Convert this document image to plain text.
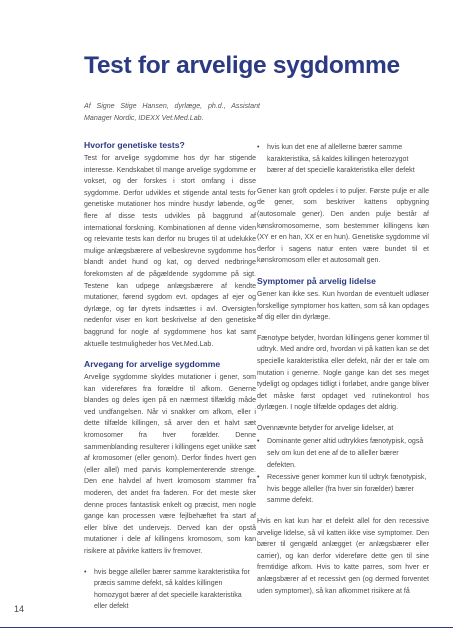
Test for arvelige sygdomme

Af Signe Stige Hansen, dyrlæge, ph.d., Assistant Manager Nordic, IDEXX Vet.Med.Lab.

Hvorfor genetiske tests?

Test for arvelige sygdomme hos dyr har stigende interesse. Kendskabet til mange arvelige sygdomme er vokset, og der forskes i stort omfang i disse sygdomme. Derfor udvikles et stigende antal tests for genetiske mutationer hos mindre husdyr løbende, og flere af disse tests udvikles på baggrund af international forskning. Kombinationen af denne viden og relevante tests kan derfor nu bruges til at udelukke mulige anlægsbærere af velbeskrevne sygdomme hos blandt andet hund og kat, og derved nedbringe forekomsten af de pågældende sygdomme på sigt. Testene kan udpege anlægsbærere af kendte mutationer, førend sygdom evt. opdages af ejer og dyrlæge, og før dyrets indsættes i avl. Oversigten nedenfor viser en kort beskrivelse af den genetiske baggrund for nogle af sygdommene hos kat samt aktuelle testmuligheder hos Vet.Med.Lab.

Arvegang for arvelige sygdomme

Arvelige sygdomme skyldes mutationer i gener, som kan videreføres fra forældre til afkom. Generne blandes og deles igen på en nærmest tilfældig måde ved undfangelsen. Når vi snakker om afkom, eller i dette tilfælde killingen, så arver den et halvt sæt kromosomer fra hver forælder. Denne sammenblanding resulterer i killingens eget unikke sæt af kromosomer (eller genom). Derfor findes hvert gen (eller allel) med parvis komplementerende strenge. Den ene halvdel af hvert kromosom stammer fra moderen, det andet fra faderen. For det meste sker denne proces fantastisk enkelt og præcist, men nogle gange kan processen være fejlbehæftet fra start af eller blive det undervejs. Derved kan der opstå mutationer i dele af killingens kromosom, som kan risikere at påvirke katters liv fremover.

• hvis begge alleller bærer samme karakteristika for præcis samme defekt, så kaldes killingen homozygot bærer af det specielle karakteristika eller defekt
• hvis kun det ene af allellerne bærer samme karakteristika, så kaldes killingen heterozygot bærer af det specielle karakteristika eller defekt

Gener kan groft opdeles i to puljer. Første pulje er alle de gener, som beskriver kattens opbygning (autosomale gener). Den anden pulje består af kønskromosomerne, som bestemmer killingens køn (XY er en han, XX er en hun). Genetiske sygdomme vil derfor i sagens natur enten være bundet til et kønskromosom eller et autosomalt gen.

Symptomer på arvelig lidelse

Gener kan ikke ses. Kun hvordan de eventuelt udløser forskellige symptomer hos katten, som så kan opdages af dig eller din dyrlæge.

Fænotype betyder, hvordan killingens gener kommer til udtryk. Med andre ord, hvordan vi på katten kan se det specielle karakteristika eller defekt, når der er tale om mutation i generne. Nogle gange kan det ses meget tydeligt og opdages tidligt i forløbet, andre gange bliver det måske først opdaget ved rutinekontrol hos dyrlægen. I nogle tilfælde opdages det aldrig.

Ovennævnte betyder for arvelige lidelser, at

• Dominante gener altid udtrykkes fænotypisk, også selv om kun det ene af de to alleller bærer defekten.
• Recessive gener kommer kun til udtryk fænotypisk, hvis begge alleller (fra hver sin forælder) bærer samme defekt.

Hvis en kat kun har et defekt allel for den recessive arvelige lidelse, så vil katten ikke vise symptomer. Den bærer til gengæld anlægget (er anlægsbærer eller carrier), og kan derfor videreføre dette gen til sine fremtidige afkom. Hvis to katte parres, som hver er anlægsbærer af et recessivt gen (og dermed forventet uden symptomer), så kan afkommet risikere at få

14
